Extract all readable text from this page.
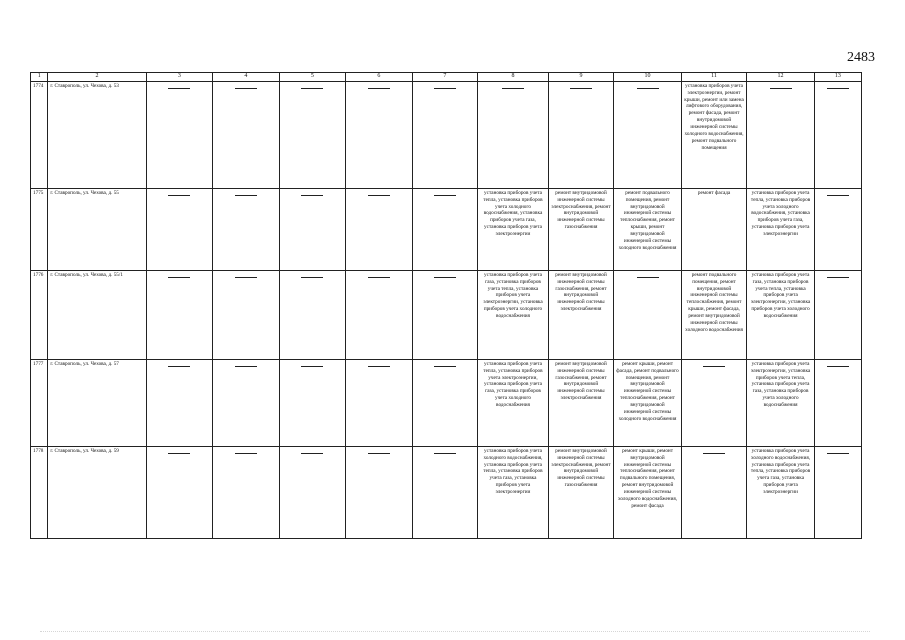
2483
1	2	3	4	5	6	7	8	9	10	11	12	13
1774	г. Ставрополь, ул. Чехова, д. 53									установка приборов учета электроэнергии, ремонт крыши, ремонт или замена лифтового оборудования, ремонт фасада, ремонт внутридомовой инженерной системы холодного водоснабжения, ремонт подвального помещения		
1775	г. Ставрополь, ул. Чехова, д. 55						установка приборов учета тепла, установка приборов учета холодного водоснабжения, установка приборов учета газа, установка приборов учета электроэнергии	ремонт внутридомовой инженерной системы электроснабжения, ремонт внутридомовой инженерной системы газоснабжения	ремонт подвального помещения, ремонт внутридомовой инженерной системы теплоснабжения, ремонт крыши, ремонт внутридомовой инженерной системы холодного водоснабжения	ремонт фасада	установка приборов учета тепла, установка приборов учета холодного водоснабжения, установка приборов учета газа, установка приборов учета электроэнергии	
1776	г. Ставрополь, ул. Чехова, д. 55/1						установка приборов учета газа, установка приборов учета тепла, установка приборов учета электроэнергии, установка приборов учета холодного водоснабжения	ремонт внутридомовой инженерной системы газоснабжения, ремонт внутридомовой инженерной системы электроснабжения		ремонт подвального помещения, ремонт внутридомовой инженерной системы теплоснабжения, ремонт крыши, ремонт фасада, ремонт внутридомовой инженерной системы холодного водоснабжения	установка приборов учета газа, установка приборов учета тепла, установка приборов учета электроэнергии, установка приборов учета холодного водоснабжения	
1777	г. Ставрополь, ул. Чехова, д. 57						установка приборов учета тепла, установка приборов учета электроэнергии, установка приборов учета газа, установка приборов учета холодного водоснабжения	ремонт внутридомовой инженерной системы газоснабжения, ремонт внутридомовой инженерной системы электроснабжения	ремонт крыши, ремонт фасада, ремонт подвального помещения, ремонт внутридомовой инженерной системы теплоснабжения, ремонт внутридомовой инженерной системы холодного водоснабжения		установка приборов учета электроэнергии, установка приборов учета тепла, установка приборов учета газа, установка приборов учета холодного водоснабжения	
1778	г. Ставрополь, ул. Чехова, д. 59						установка приборов учета холодного водоснабжения, установка приборов учета тепла, установка приборов учета газа, установка приборов учета электроэнергии	ремонт внутридомовой инженерной системы электроснабжения, ремонт внутридомовой инженерной системы газоснабжения	ремонт крыши, ремонт внутридомовой инженерной системы теплоснабжения, ремонт подвального помещения, ремонт внутридомовой инженерной системы холодного водоснабжения, ремонт фасада		установка приборов учета холодного водоснабжения, установка приборов учета тепла, установка приборов учета газа, установка приборов учета электроэнергии	
